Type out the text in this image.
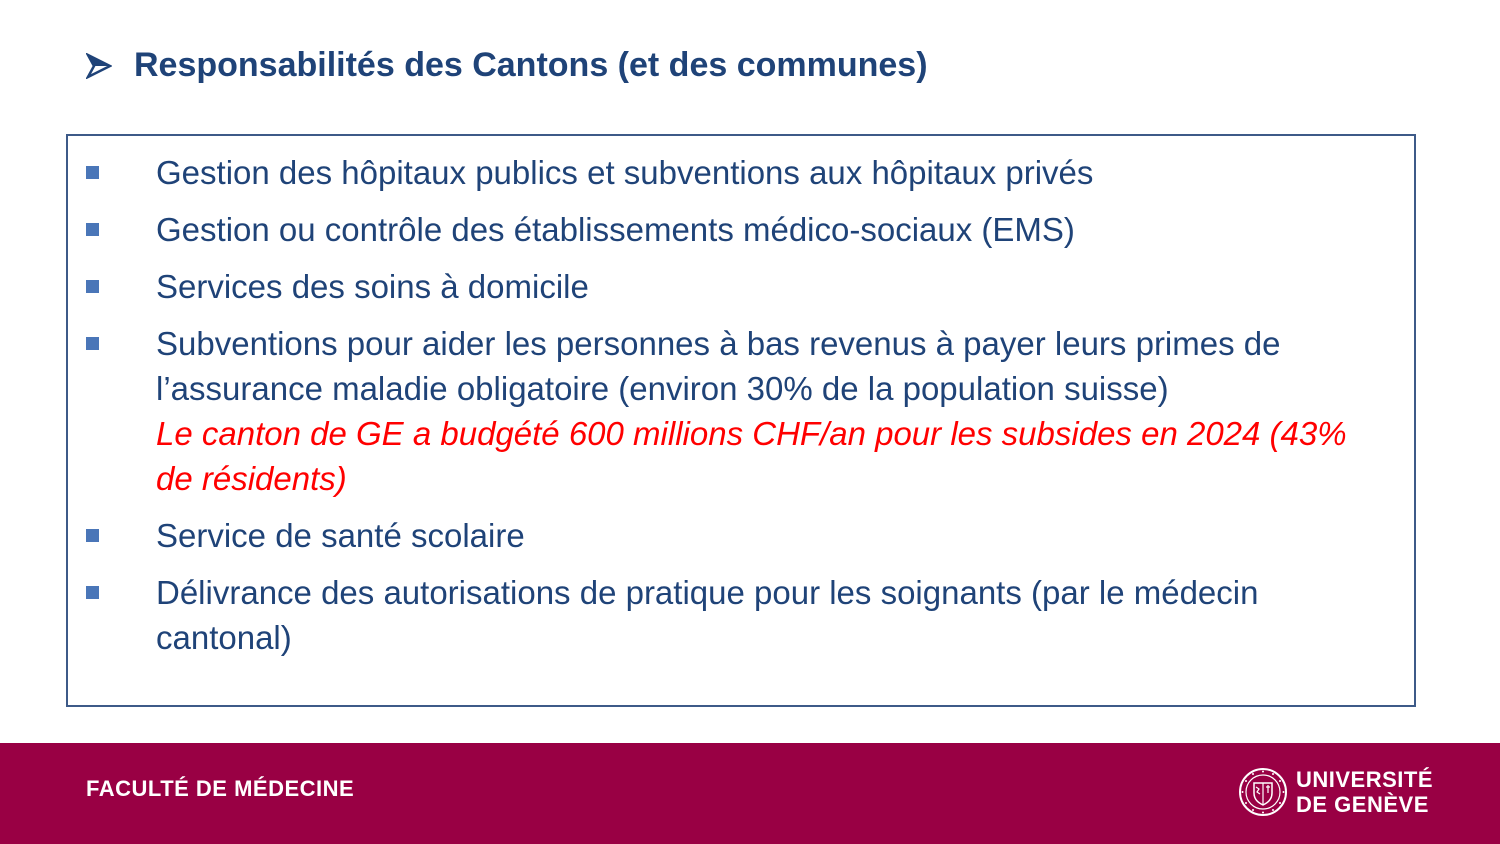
Responsabilités des Cantons (et des communes)
Gestion des hôpitaux publics et subventions aux hôpitaux privés
Gestion ou contrôle des établissements médico-sociaux (EMS)
Services des soins à domicile
Subventions pour aider les personnes à bas revenus à payer leurs primes de l’assurance maladie obligatoire (environ 30% de la population suisse)
Le canton de GE a budgété 600 millions CHF/an pour les subsides en 2024 (43% de résidents)
Service de santé scolaire
Délivrance des autorisations de pratique pour les soignants (par le médecin cantonal)
FACULTÉ DE MÉDECINE	UNIVERSITÉ
DE GENÈVE
